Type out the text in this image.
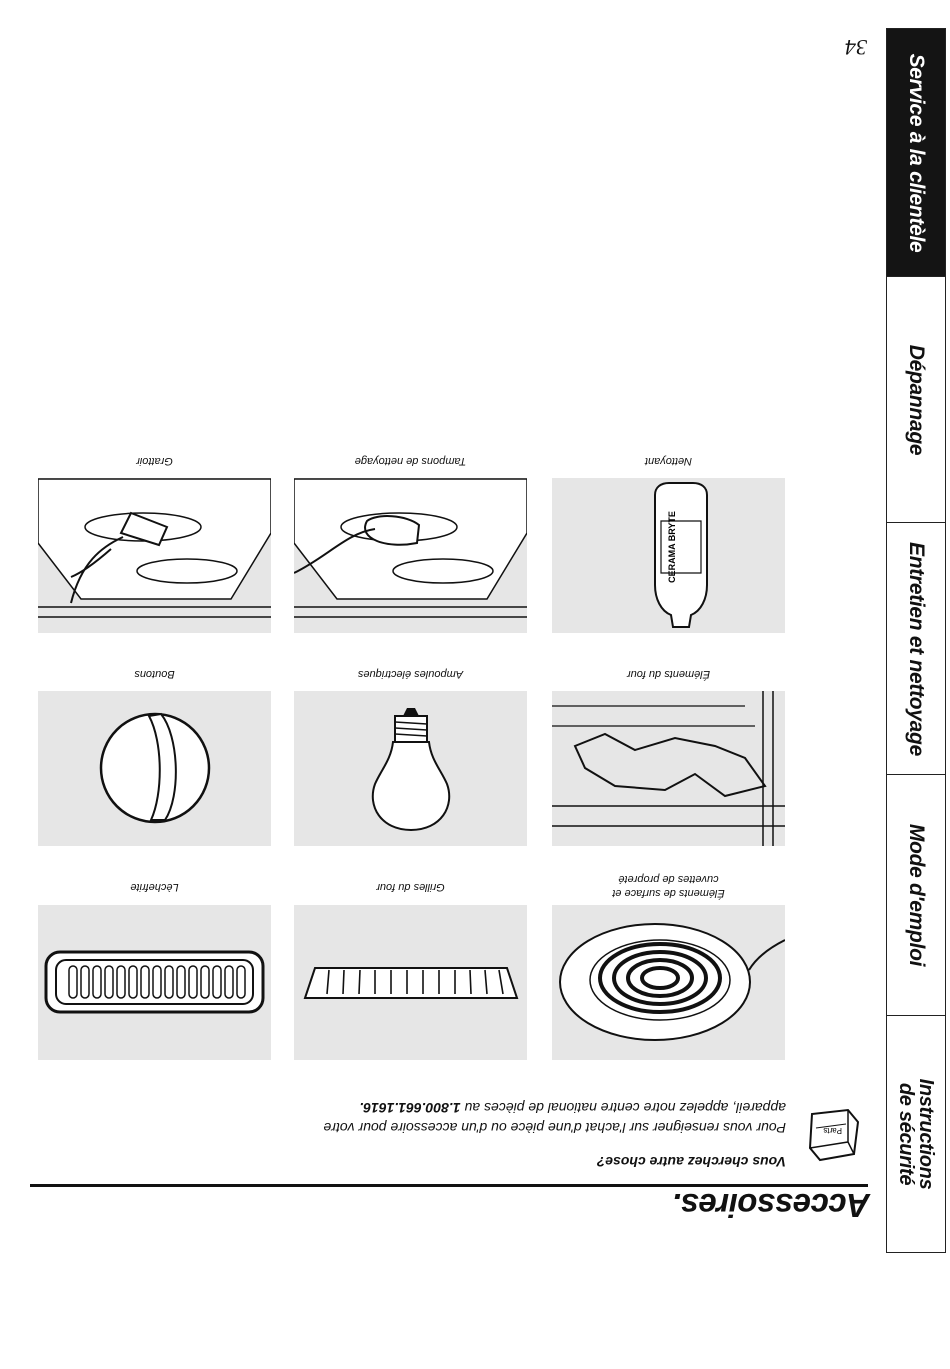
Service à la clientèle
Dépannage
Entretien et nettoyage
Mode d'emploi
Instructions
de sécurité
34
Accessoires.
Vous cherchez autre chose?
Pour vous renseigner sur l'achat d'une pièce ou d'un accessoire pour votre
appareil, appelez notre centre national de pièces au 1.800.661.1616.
Parts
Éléments de surface et
cuvettes de propreté
Grilles du four
Lèchefrite
Éléments du four
Ampoules électriques
Boutons
CERAMA BRYTE
Nettoyant
Tampons de nettoyage
Grattoir
